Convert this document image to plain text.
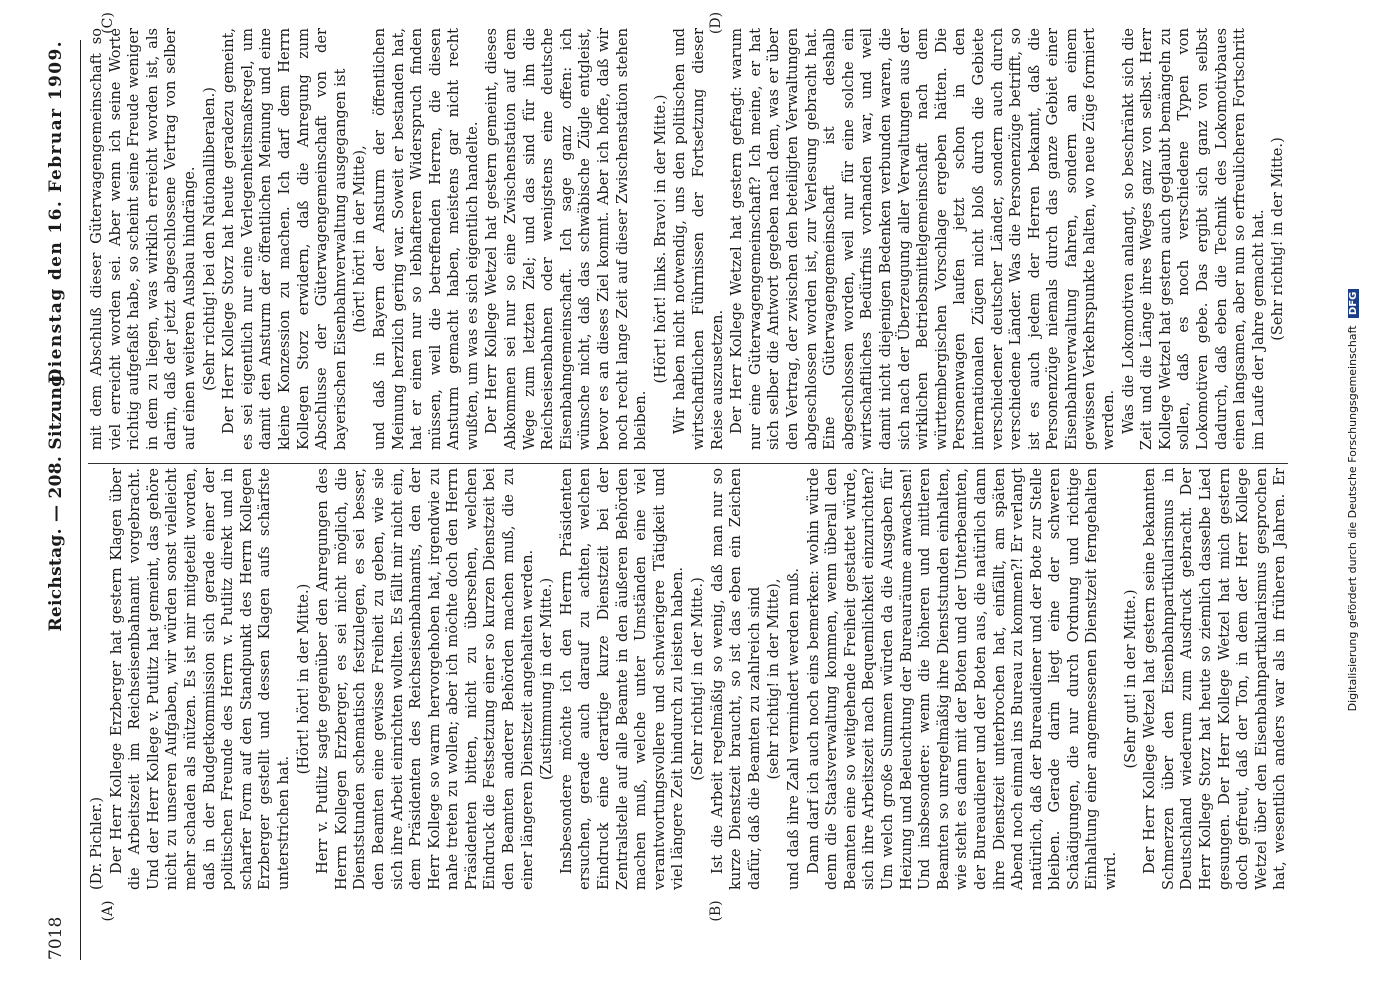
7018
Reichstag. — 208. Sitzung.
Dienstag den 16. Februar 1909.
(A)	(B)
(C)	(D)

(Dr. Pichler.) Der Herr Kollege Erzberger hat gestern Klagen über die Arbeitszeit im Reichseisenbahnamt vorgebracht. Und der Herr Kollege v. Putlitz hat gemeint, das gehöre nicht zu unseren Aufgaben, wir würden sonst vielleicht mehr schaden als nützen. Es ist mir mitgeteilt worden, daß in der Budgetkommission sich gerade einer der politischen Freunde des Herrn v. Putlitz direkt und in scharfer Form auf den Standpunkt des Herrn Kollegen Erzberger gestellt und dessen Klagen aufs schärfste unterstrichen hat.

(Hört! hört! in der Mitte.) Herr v. Putlitz sagte gegenüber den Anregungen des Herrn Kollegen Erzberger, es sei nicht möglich, die Dienststunden schematisch festzulegen, es sei besser, den Beamten eine gewisse Freiheit zu geben, wie sie sich ihre Arbeit einrichten wollten. Es fällt mir nicht ein, dem Präsidenten des Reichseisenbahnamts, den der Herr Kollege so warm hervorgehoben hat, irgendwie zu nahe treten zu wollen; aber ich möchte doch den Herrn Präsidenten bitten, nicht zu übersehen, welchen Eindruck die Festsetzung einer so kurzen Dienstzeit bei den Beamten anderer Behörden machen muß, die zu einer längeren Dienstzeit angehalten werden. (Zustimmung in der Mitte.) Insbesondere möchte ich den Herrn Präsidenten ersuchen, gerade auch darauf zu achten, welchen Eindruck eine derartige kurze Dienstzeit bei der Zentralstelle auf alle Beamte in den äußeren Behörden machen muß, welche unter Umständen eine viel verantwortungsvollere und schwierigere Tätigkeit und viel längere Zeit hindurch zu leisten haben. (Sehr richtig! in der Mitte.) Ist die Arbeit regelmäßig so wenig, daß man nur so kurze Dienstzeit braucht, so ist das eben ein Zeichen dafür, daß die Beamten zu zahlreich sind (sehr richtig! in der Mitte), und daß ihre Zahl vermindert werden muß. Dann darf ich auch noch eins bemerken: wohin würde denn die Staatsverwaltung kommen, wenn überall den Beamten eine so weitgehende Freiheit gestattet würde, sich ihre Arbeitszeit nach Bequemlichkeit einzurichten? Um welch große Summen würden da die Ausgaben für Heizung und Beleuchtung der Bureauräume anwachsen! Und insbesondere: wenn die höheren und mittleren Beamten so unregelmäßig ihre Dienststunden einhalten, wie steht es dann mit der Boten und der Unterbeamten, der Bureaudiener und der Boten aus, die natürlich dann ihre Dienstzeit unterbrochen hat, einfällt, am späten Abend noch einmal ins Bureau zu kommen?! Er verlangt natürlich, daß der Bureaudiener und der Bote zur Stelle bleiben. Gerade darin liegt eine der schweren Schädigungen, die nur durch Ordnung und richtige Einhaltung einer angemessenen Dienstzeit ferngehalten wird.

(Sehr gut! in der Mitte.)

Der Herr Kollege Wetzel hat gestern seine bekannten Schmerzen über den Eisenbahnpartikularismus in Deutschland wiederum zum Ausdruck gebracht. Der Herr Kollege Storz hat heute so ziemlich dasselbe Lied gesungen. Der Herr Kollege Wetzel hat mich gestern doch gefreut, daß der Ton, in dem der Herr Kollege Wetzel über den Eisenbahnpartikularismus gesprochen hat, wesentlich anders war als in früheren Jahren. Er

mit dem Abschluß dieser Güterwagengemeinschaft so viel erreicht worden sei. Aber wenn ich seine Worte richtig aufgefaßt habe, so scheint seine Freude weniger in dem zu liegen, was wirklich erreicht worden ist, als darin, daß der jetzt abgeschlossene Vertrag von selber auf einen weiteren Ausbau hindränge. (Sehr richtig! bei den Nationalliberalen.) Der Herr Kollege Storz hat heute geradezu gemeint, es sei eigentlich nur eine Verlegenheitsmaßregel, um damit den Ansturm der öffentlichen Meinung und eine kleine Konzession zu machen. Ich darf dem Herrn Kollegen Storz erwidern, daß die Anregung zum Abschlusse der Güterwagengemeinschaft von der bayerischen Eisenbahnverwaltung ausgegangen ist (hört! hört! in der Mitte), und daß in Bayern der Ansturm der öffentlichen Meinung herzlich gering war. Soweit er bestanden hat, hat er einen nur so lebhafteren Widerspruch finden müssen, weil die betreffenden Herren, die diesen Ansturm gemacht haben, meistens gar nicht recht wußten, um was es sich eigentlich handelte. Der Herr Kollege Wetzel hat gestern gemeint, dieses Abkommen sei nur so eine Zwischenstation auf dem Wege zum letzten Ziel; und das sind für ihn die Reichseisenbahnen oder wenigstens eine deutsche Eisenbahngemeinschaft. Ich sage ganz offen: ich wünsche nicht, daß das schwäbische Zügle entgleist, bevor es an dieses Ziel kommt. Aber ich hoffe, daß wir noch recht lange Zeit auf dieser Zwischenstation stehen bleiben.

(Hört! hört! links. Bravo! in der Mitte.) Wir haben nicht notwendig, uns den politischen und wirtschaftlichen Führnissen der Fortsetzung dieser Reise auszusetzen. Der Herr Kollege Wetzel hat gestern gefragt: warum nur eine Güterwagengemeinschaft? Ich meine, er hat sich selber die Antwort gegeben nach dem, was er über den Vertrag, der zwischen den beteiligten Verwaltungen abgeschlossen worden ist, zur Verlesung gebracht hat. Eine Güterwagengemeinschaft ist deshalb abgeschlossen worden, weil nur für eine solche ein wirtschaftliches Bedürfnis vorhanden war, und weil damit nicht diejenigen Bedenken verbunden waren, die sich nach der Überzeugung aller Verwaltungen aus der wirklichen Betriebsmittelgemeinschaft nach dem württembergischen Vorschlage ergeben hätten. Die Personenwagen laufen jetzt schon in den internationalen Zügen nicht bloß durch die Gebiete verschiedener deutscher Länder, sondern auch durch verschiedene Länder. Was die Personenzüge betrifft, so ist es auch jedem der Herren bekannt, daß die Personenzüge niemals durch das ganze Gebiet einer Eisenbahnverwaltung fahren, sondern an einem gewissen Verkehrspunkte halten, wo neue Züge formiert werden. Was die Lokomotiven anlangt, so beschränkt sich die Zeit und die Länge ihres Weges ganz von selbst. Herr Kollege Wetzel hat gestern auch geglaubt bemängeln zu sollen, daß es noch verschiedene Typen von Lokomotiven gebe. Das ergibt sich ganz von selbst dadurch, daß eben die Technik des Lokomotivbaues einen langsamen, aber nun so erfreulicheren Fortschritt im Laufe der Jahre gemacht hat. (Sehr richtig! in der Mitte.)

Digitalisierung gefördert durch die Deutsche Forschungsgemeinschaft DFG
